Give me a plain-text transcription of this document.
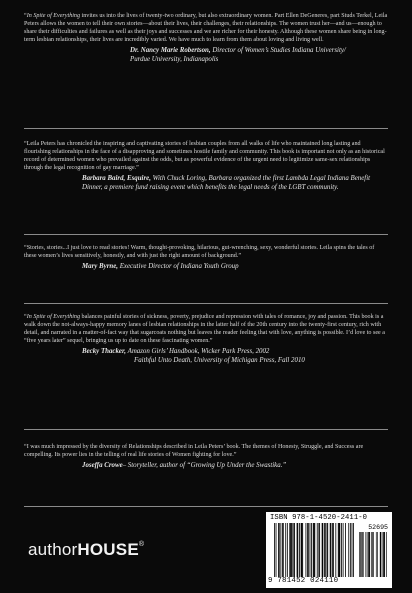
“In Spite of Everything invites us into the lives of twenty-two ordinary, but also extraordinary women. Part Ellen DeGeneres, part Studs Terkel, Leila Peters allows the women to tell their own stories—about their lives, their challenges, their relationships. The women trust her—and us—enough to share their difficulties and failures as well as their joys and successes and we are richer for their honesty. Although these women share being in long-term lesbian relationships, their lives are incredibly varied. We have much to learn from them about loving and living well.

Dr. Nancy Marie Robertson, Director of Women’s Studies Indiana University/
Purdue University, Indianapolis

“Leila Peters has chronicled the inspiring and captivating stories of lesbian couples from all walks of life who maintained long lasting and flourishing relationships in the face of a disapproving and sometimes hostile family and community. This book is important not only as an historical record of determined women who prevailed against the odds, but as powerful evidence of the urgent need to legitimize same-sex relationships through the legal recognition of gay marriage.”

Barbara Baird, Esquire, With Chuck Loring, Barbara organized the first Lambda Legal Indiana Benefit Dinner, a premiere fund raising event which benefits the legal needs of the LGBT community.

“Stories, stories...I just love to read stories! Warm, thought-provoking, hilarious, gut-wrenching, sexy, wonderful stories. Leila spins the tales of these women’s lives sensitively, honestly, and with just the right amount of background.”

Mary Byrne, Executive Director of Indiana Youth Group

“In Spite of Everything balances painful stories of sickness, poverty, prejudice and repression with tales of romance, joy and passion. This book is a walk down the not-always-happy memory lanes of lesbian relationships in the latter half of the 20th century into the twenty-first century, rich with detail, and narrated in a matter-of-fact way that sugarcoats nothing but leaves the reader feeling that with love, anything is possible. I’d love to see a “five years later” sequel, bringing us up to date on these fascinating women.”

Becky Thacker, Amazon Girls’ Handbook, Wicker Park Press, 2002
Faithful Unto Death, University of Michigan Press, Fall 2010

“I was much impressed by the diversity of Relationships described in Leila Peters’ book. The themes of Honesty, Struggle, and Success are compelling. Its power lies in the telling of real life stories of Women fighting for love.”

Joseffa Crowe– Storyteller, author of “Growing Up Under the Swastika.”

authorHOUSE®
ISBN 978-1-4520-2411-0
52695
9 781452 024110
